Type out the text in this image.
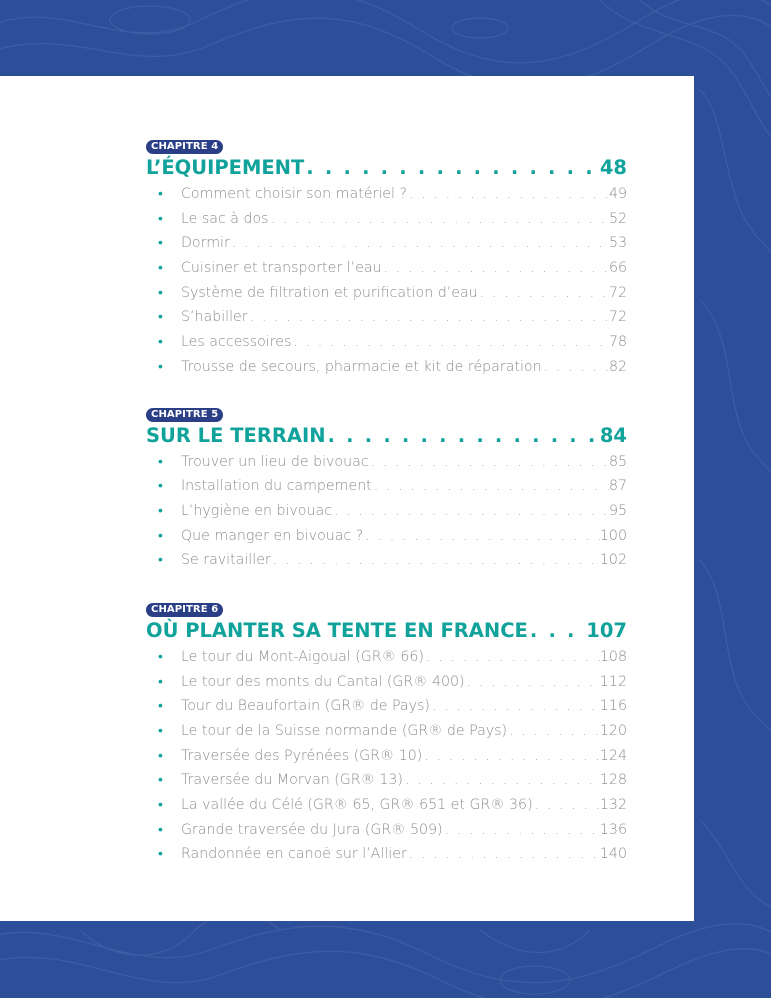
CHAPITRE 4
L’ÉQUIPEMENT . . .	48
•	Comment choisir son matériel ? . . .	49
•	Le sac à dos . . .	52
•	Dormir . . .	53
•	Cuisiner et transporter l’eau . . .	66
•	Système de filtration et purification d’eau . . .	72
•	S’habiller . . .	72
•	Les accessoires . . .	78
•	Trousse de secours, pharmacie et kit de réparation . . .	82
CHAPITRE 5
SUR LE TERRAIN . . .	84
•	Trouver un lieu de bivouac . . .	85
•	Installation du campement . . .	87
•	L’hygiène en bivouac . . .	95
•	Que manger en bivouac ? . . .	100
•	Se ravitailler . . .	102
CHAPITRE 6
OÙ PLANTER SA TENTE EN FRANCE . . .	107
•	Le tour du Mont-Aigoual (GR® 66) . . .	108
•	Le tour des monts du Cantal (GR® 400) . . .	112
•	Tour du Beaufortain (GR® de Pays) . . .	116
•	Le tour de la Suisse normande (GR® de Pays) . . .	120
•	Traversée des Pyrénées (GR® 10) . . .	124
•	Traversée du Morvan (GR® 13) . . .	128
•	La vallée du Célé (GR® 65, GR® 651 et GR® 36) . . .	132
•	Grande traversée du Jura (GR® 509) . . .	136
•	Randonnée en canoë sur l’Allier . . .	140
